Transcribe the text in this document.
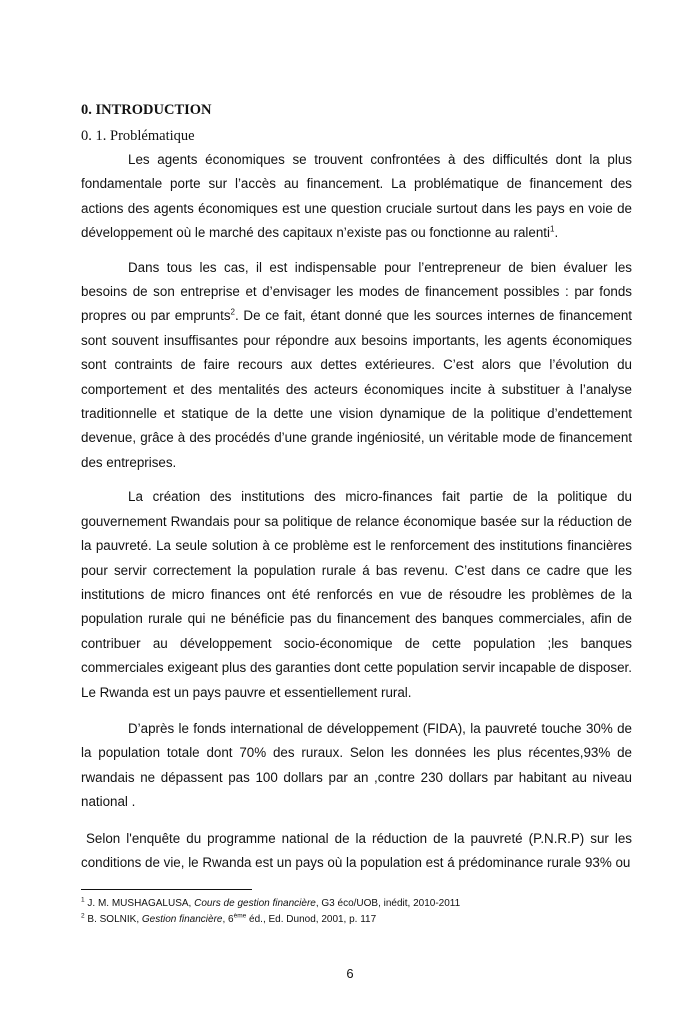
0. INTRODUCTION
0. 1. Problématique

Les agents économiques se trouvent confrontées à des difficultés dont la plus fondamentale porte sur l’accès au financement. La problématique de financement des actions des agents économiques est une question cruciale surtout dans les pays en voie de développement où le marché des capitaux n’existe pas ou fonctionne au ralenti$^1$.

Dans tous les cas, il est indispensable pour l’entrepreneur de bien évaluer les besoins de son entreprise et d’envisager les modes de financement possibles : par fonds propres ou par emprunts$^2$. De ce fait, étant donné que les sources internes de financement sont souvent insuffisantes pour répondre aux besoins importants, les agents économiques sont contraints de faire recours aux dettes extérieures. C’est alors que l’évolution du comportement et des mentalités des acteurs économiques incite à substituer à l’analyse traditionnelle et statique de la dette une vision dynamique de la politique d’endettement devenue, grâce à des procédés d’une grande ingéniosité, un véritable mode de financement des entreprises.

La création des institutions des micro-finances fait partie de la politique du gouvernement Rwandais pour sa politique de relance économique basée sur la réduction de la pauvreté. La seule solution à ce problème est le renforcement des institutions financières pour servir correctement la population rurale á bas revenu. C’est dans ce cadre que les institutions de micro finances ont été renforcés en vue de résoudre les problèmes de la population rurale qui ne bénéficie pas du financement des banques commerciales, afin de contribuer au développement socio-économique de cette population ;les banques commerciales exigeant plus des garanties dont cette population servir incapable de disposer. Le Rwanda est un pays pauvre et essentiellement rural.

D’après le fonds international de développement (FIDA), la pauvreté touche 30% de la population totale dont 70% des ruraux. Selon les données les plus récentes,93% de rwandais ne dépassent pas 100 dollars par an ,contre 230 dollars par habitant au niveau national .

Selon l'enquête du programme national de la réduction de la pauvreté (P.N.R.P) sur les conditions de vie, le Rwanda est un pays où la population est á prédominance rurale 93% ou

$^1$ J. M. MUSHAGALUSA, Cours de gestion financière, G3 éco/UOB, inédit, 2010-2011
$^2$ B. SOLNIK, Gestion financière, 6ème éd., Ed. Dunod, 2001, p. 117
6
